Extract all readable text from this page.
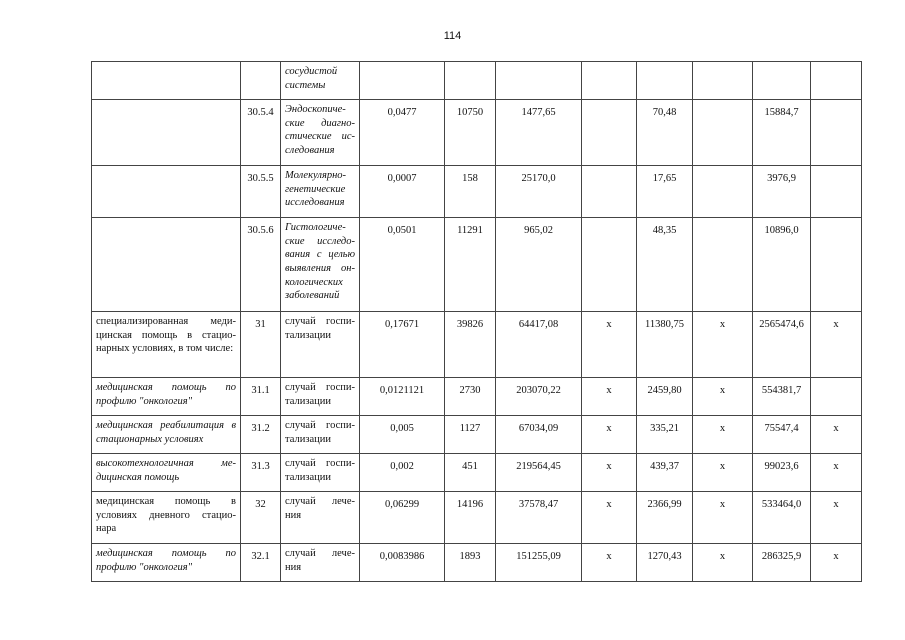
114
		сосудистой системы								
	30.5.4	Эндоскопиче-ские диагно-стические ис-следования	0,0477	10750	1477,65		70,48		15884,7	
	30.5.5	Молекулярно-генетические исследования	0,0007	158	25170,0		17,65		3976,9	
	30.5.6	Гистологиче-ские исследо-вания с целью выявления он-кологических заболеваний	0,0501	11291	965,02		48,35		10896,0	
специализированная меди-цинская помощь в стацио-нарных условиях, в том числе:	31	случай госпи-тализации	0,17671	39826	64417,08	х	11380,75	х	2565474,6	х
медицинская помощь по профилю "онкология"	31.1	случай госпи-тализации	0,0121121	2730	203070,22	х	2459,80	х	554381,7	
медицинская реабилитация в стационарных условиях	31.2	случай госпи-тализации	0,005	1127	67034,09	х	335,21	х	75547,4	х
высокотехнологичная ме-дицинская помощь	31.3	случай госпи-тализации	0,002	451	219564,45	х	439,37	х	99023,6	х
медицинская помощь в условиях дневного стацио-нара	32	случай лече-ния	0,06299	14196	37578,47	х	2366,99	х	533464,0	х
медицинская помощь по профилю "онкология"	32.1	случай лече-ния	0,0083986	1893	151255,09	х	1270,43	х	286325,9	х
